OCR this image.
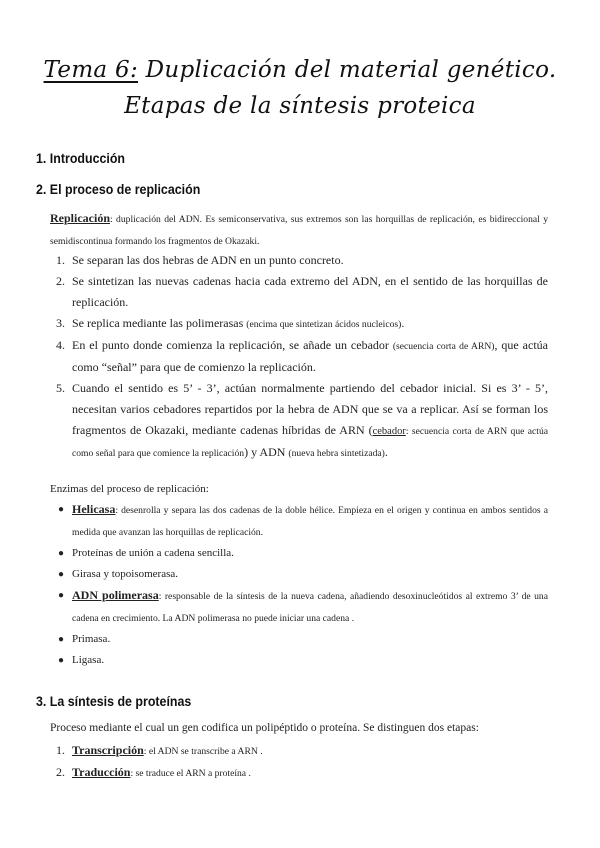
Tema 6: Duplicación del material genético.
Etapas de la síntesis proteica
1. Introducción
2. El proceso de replicación
Replicación: duplicación del ADN. Es semiconservativa, sus extremos son las horquillas de replicación, es bidireccional y semidiscontinua formando los fragmentos de Okazaki.
1. Se separan las dos hebras de ADN en un punto concreto.
2. Se sintetizan las nuevas cadenas hacia cada extremo del ADN, en el sentido de las horquillas de replicación.
3. Se replica mediante las polimerasas (encima que sintetizan ácidos nucleicos).
4. En el punto donde comienza la replicación, se añade un cebador (secuencia corta de ARN), que actúa como “señal” para que de comienzo la replicación.
5. Cuando el sentido es 5’ - 3’, actúan normalmente partiendo del cebador inicial. Si es 3’ - 5’, necesitan varios cebadores repartidos por la hebra de ADN que se va a replicar. Así se forman los fragmentos de Okazaki, mediante cadenas híbridas de ARN (cebador: secuencia corta de ARN que actúa como señal para que comience la replicación) y ADN (nueva hebra sintetizada).
Enzimas del proceso de replicación:
● Helicasa: desenrolla y separa las dos cadenas de la doble hélice. Empieza en el origen y continua en ambos sentidos a medida que avanzan las horquillas de replicación.
● Proteínas de unión a cadena sencilla.
● Girasa y topoisomerasa.
● ADN polimerasa: responsable de la síntesis de la nueva cadena, añadiendo desoxinucleótidos al extremo 3’ de una cadena en crecimiento. La ADN polimerasa no puede iniciar una cadena .
● Primasa.
● Ligasa.
3. La síntesis de proteínas
Proceso mediante el cual un gen codifica un polipéptido o proteína. Se distinguen dos etapas:
1. Transcripción: el ADN se transcribe a ARN .
2. Traducción: se traduce el ARN a proteína .
